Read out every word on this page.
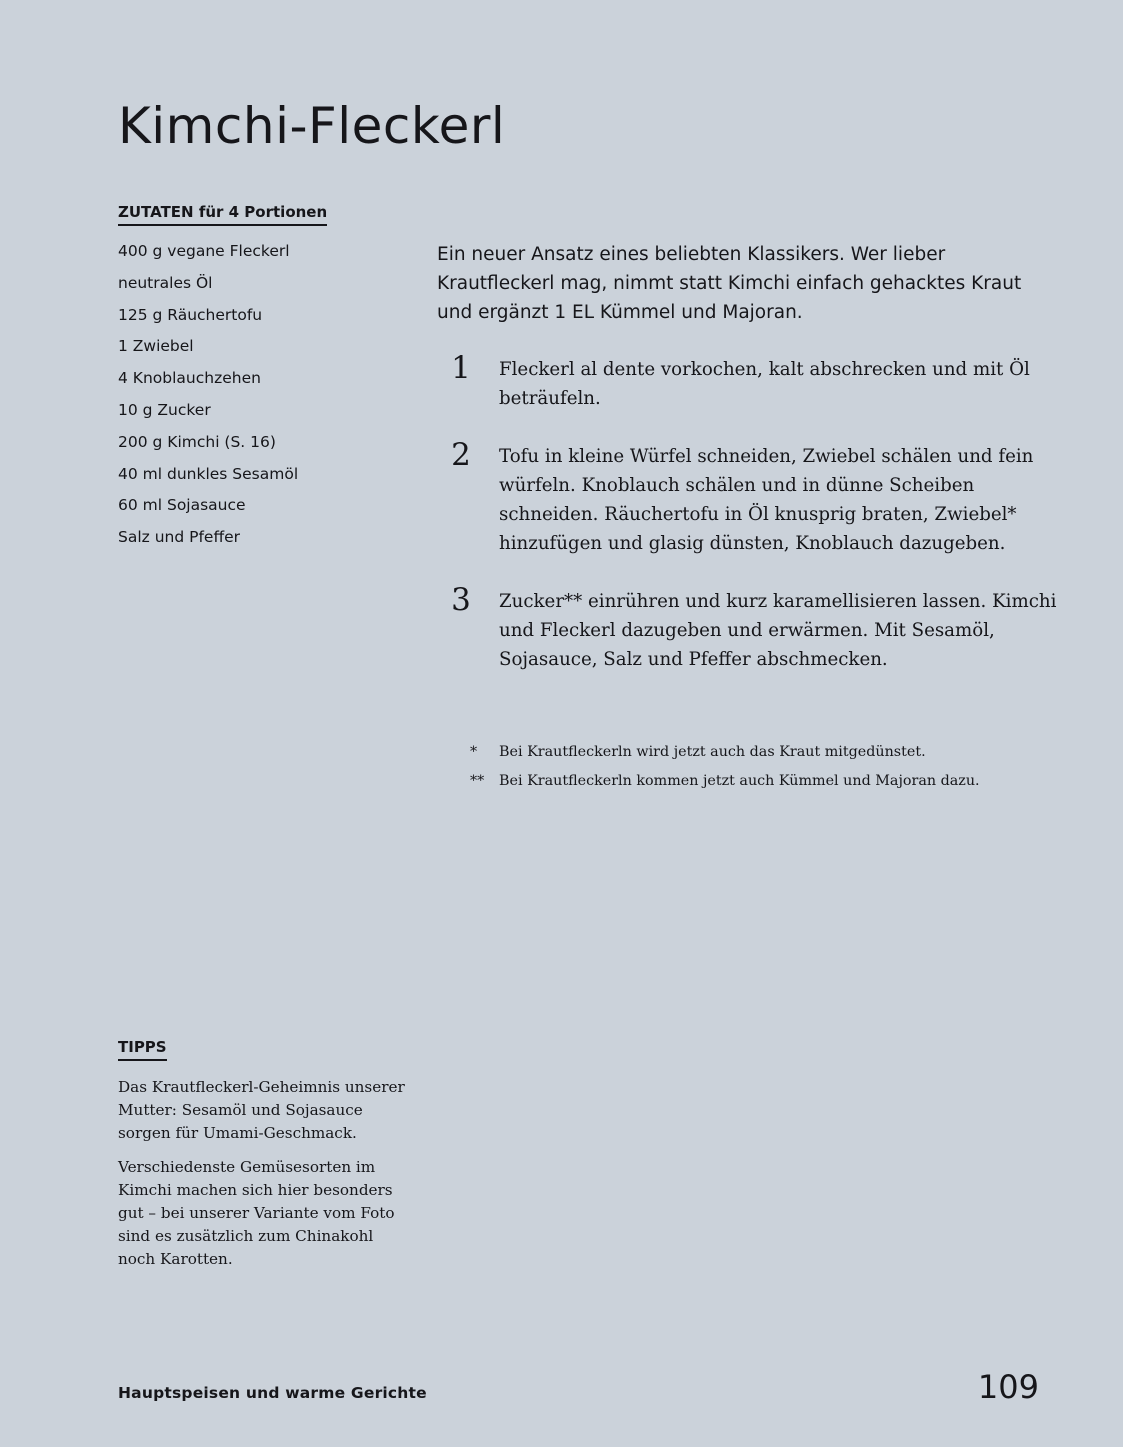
Kimchi-Fleckerl
ZUTATEN für 4 Portionen
400 g vegane Fleckerl
neutrales Öl
125 g Räuchertofu
1 Zwiebel
4 Knoblauchzehen
10 g Zucker
200 g Kimchi (S. 16)
40 ml dunkles Sesamöl
60 ml Sojasauce
Salz und Pfeffer

Ein neuer Ansatz eines beliebten Klassikers. Wer lieber Krautfleckerl mag, nimmt statt Kimchi einfach gehacktes Kraut und ergänzt 1 EL Kümmel und Majoran.

1	Fleckerl al dente vorkochen, kalt abschrecken und mit Öl beträufeln.
2	Tofu in kleine Würfel schneiden, Zwiebel schälen und fein würfeln. Knoblauch schälen und in dünne Scheiben schneiden. Räuchertofu in Öl knusprig braten, Zwiebel* hinzufügen und glasig dünsten, Knoblauch dazugeben.
3	Zucker** einrühren und kurz karamellisieren lassen. Kimchi und Fleckerl dazugeben und erwärmen. Mit Sesamöl, Sojasauce, Salz und Pfeffer abschmecken.
* Bei Krautfleckerln wird jetzt auch das Kraut mitgedünstet.
** Bei Krautfleckerln kommen jetzt auch Kümmel und Majoran dazu.
TIPPS

Das Krautfleckerl-Geheimnis unserer Mutter: Sesamöl und Sojasauce sorgen für Umami-Geschmack.

Verschiedenste Gemüsesorten im Kimchi machen sich hier besonders gut – bei unserer Variante vom Foto sind es zusätzlich zum Chinakohl noch Karotten.

Hauptspeisen und warme Gerichte	109
